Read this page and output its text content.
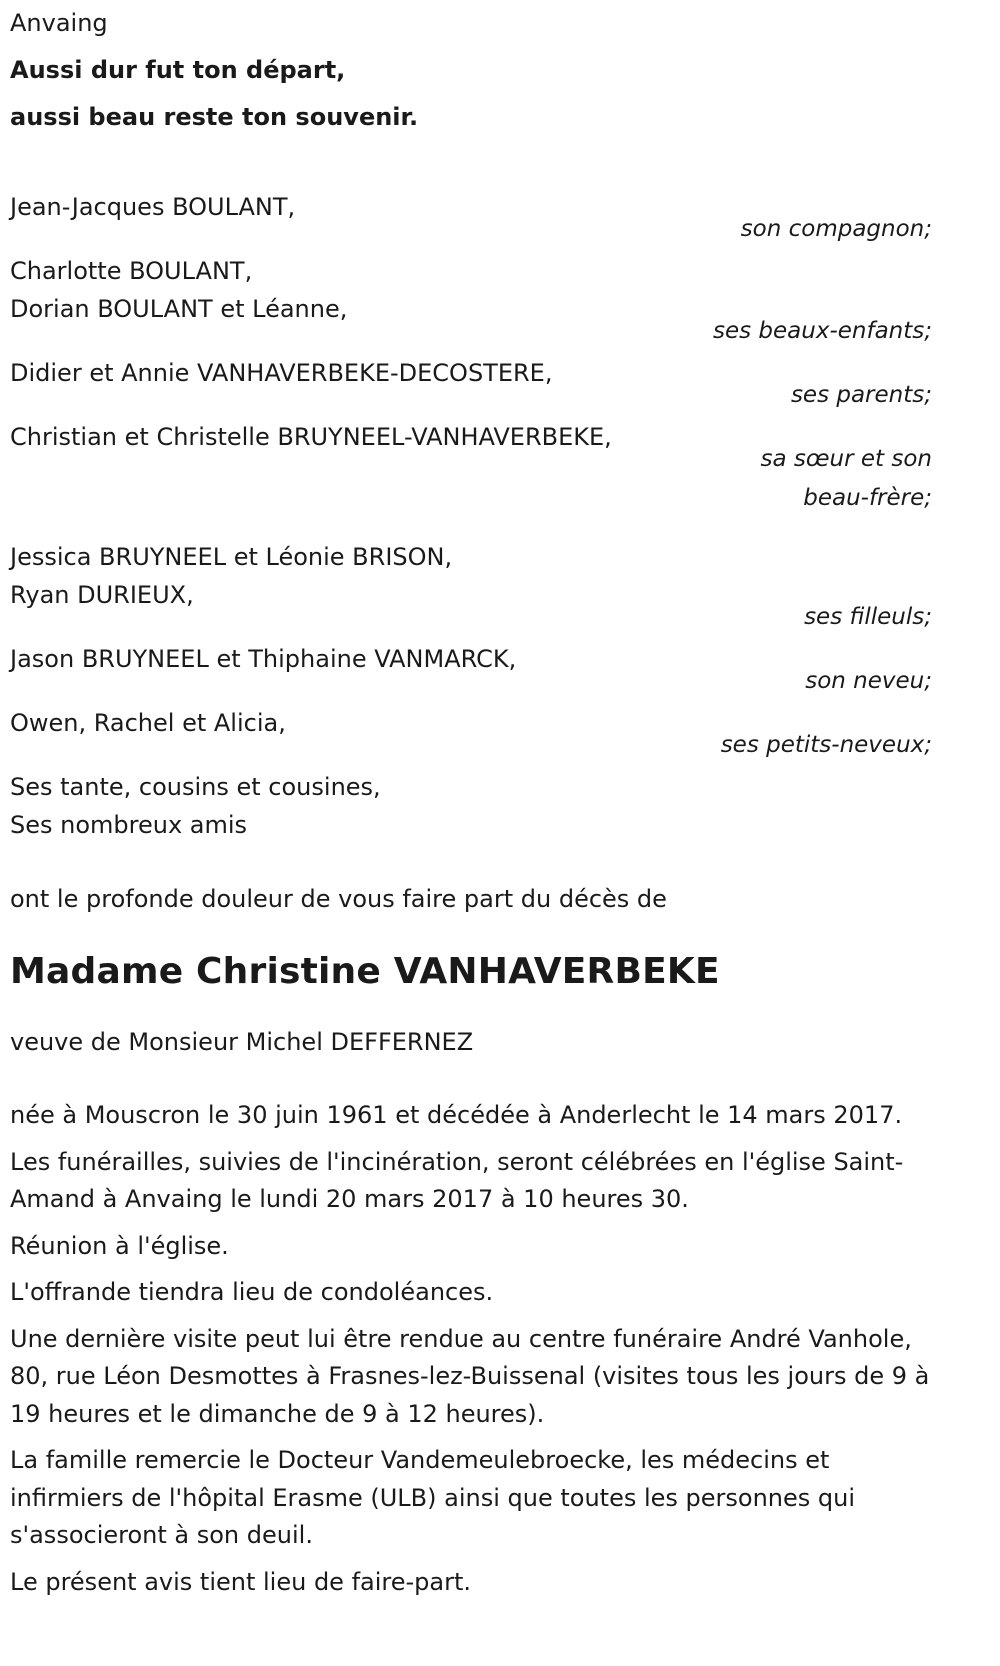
Anvaing
Aussi dur fut ton départ,
aussi beau reste ton souvenir.
Jean-Jacques BOULANT,
son compagnon;
Charlotte BOULANT,
Dorian BOULANT et Léanne,
ses beaux-enfants;
Didier et Annie VANHAVERBEKE-DECOSTERE,
ses parents;
Christian et Christelle BRUYNEEL-VANHAVERBEKE,
sa sœur et son
beau-frère;
Jessica BRUYNEEL et Léonie BRISON,
Ryan DURIEUX,
ses filleuls;
Jason BRUYNEEL et Thiphaine VANMARCK,
son neveu;
Owen, Rachel et Alicia,
ses petits-neveux;
Ses tante, cousins et cousines,
Ses nombreux amis
ont le profonde douleur de vous faire part du décès de
Madame Christine VANHAVERBEKE
veuve de Monsieur Michel DEFFERNEZ
née à Mouscron le 30 juin 1961 et décédée à Anderlecht le 14 mars 2017.
Les funérailles, suivies de l'incinération, seront célébrées en l'église Saint-Amand à Anvaing le lundi 20 mars 2017 à 10 heures 30.
Réunion à l'église.
L'offrande tiendra lieu de condoléances.
Une dernière visite peut lui être rendue au centre funéraire André Vanhole, 80, rue Léon Desmottes à Frasnes-lez-Buissenal (visites tous les jours de 9 à 19 heures et le dimanche de 9 à 12 heures).
La famille remercie le Docteur Vandemeulebroecke, les médecins et infirmiers de l'hôpital Erasme (ULB) ainsi que toutes les personnes qui s'associeront à son deuil.
Le présent avis tient lieu de faire-part.
